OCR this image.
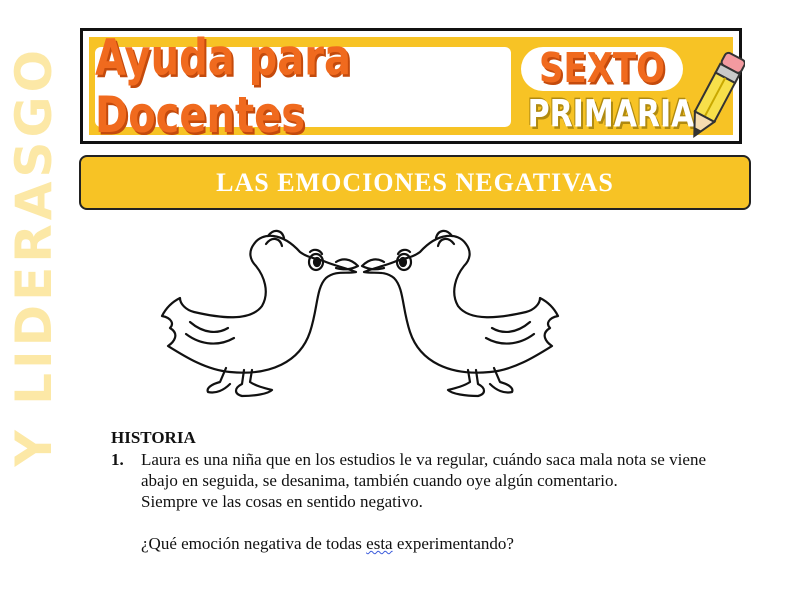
Y LIDERASGO Ayuda para Docentes
SEXTO
PRIMARIA
LAS EMOCIONES NEGATIVAS
HISTORIA
1.	Laura es una niña que en los estudios le va regular, cuándo saca mala nota se viene abajo en seguida, se desanima, también cuando oye algún comentario.

Siempre ve las cosas en sentido negativo.

¿Qué emoción negativa de todas esta experimentando?
